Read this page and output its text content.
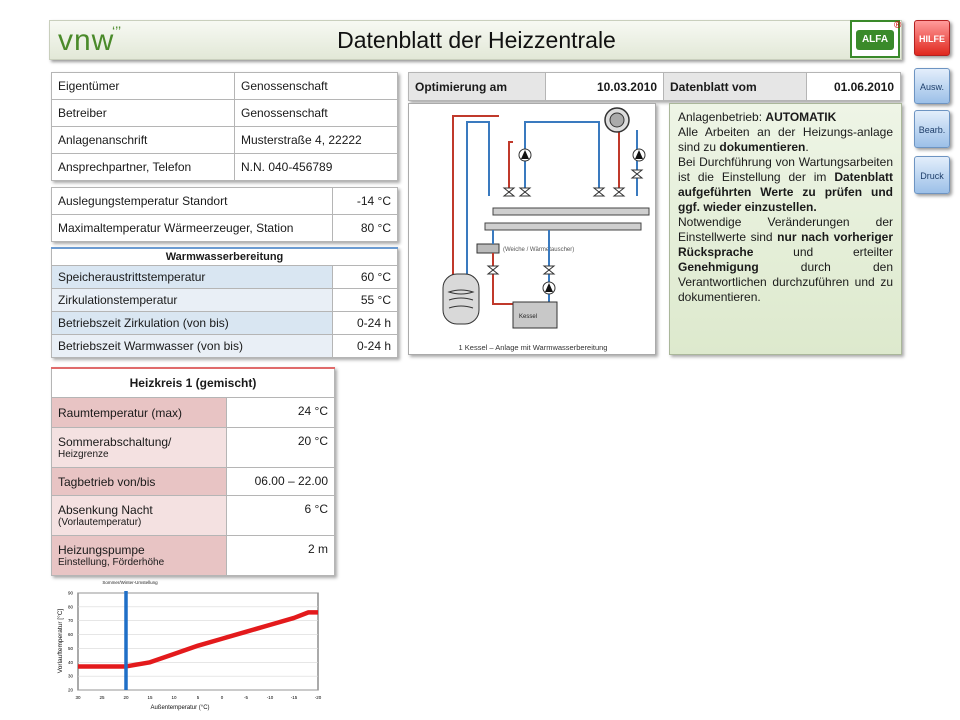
Datenblatt der Heizzentrale
vnw
‘’’
ALFA
®
HILFE
Ausw.
Bearb.
Druck
Eigentümer	Genossenschaft
Betreiber	Genossenschaft
Anlagenanschrift	Musterstraße 4, 22222
Ansprechpartner, Telefon	N.N. 040-456789
Auslegungstemperatur Standort	-14 °C
Maximaltemperatur Wärmeerzeuger, Station	80 °C
Warmwasserbereitung	
Speicheraustrittstemperatur	60 °C
Zirkulationstemperatur	55 °C
Betriebszeit Zirkulation (von bis)	0-24 h
Betriebszeit Warmwasser (von bis)	0-24 h
Optimierung am	10.03.2010	Datenblatt vom	01.06.2010
(Weiche / Wärmetauscher)
Kessel
1 Kessel – Anlage mit Warmwasserbereitung
Anlagenbetrieb: AUTOMATIK
Alle Arbeiten an der Heizungs-anlage sind zu dokumentieren.
Bei Durchführung von Wartungsarbeiten ist die Einstellung der im Datenblatt aufgeführten Werte zu prüfen und ggf. wieder einzustellen.
Notwendige Veränderungen der Einstellwerte sind nur nach vorheriger Rücksprache und erteilter Genehmigung durch den Verantwortlichen durchzuführen und zu dokumentieren.
Heizkreis 1 (gemischt)	
Raumtemperatur (max)	24 °C
Sommerabschaltung/
Heizgrenze	20 °C
Tagbetrieb von/bis	06.00 – 22.00
Absenkung Nacht
(Vorlautemperatur)	6 °C
Heizungspumpe
Einstellung, Förderhöhe	2 m
20
30
40
50
60
70
80
90
30	25	20	15	10	5	0	-5	-10	-15	-20
Sommer/Winter-Umstellung
Außentemperatur (°C)
Vorlauftemperatur [°C]
